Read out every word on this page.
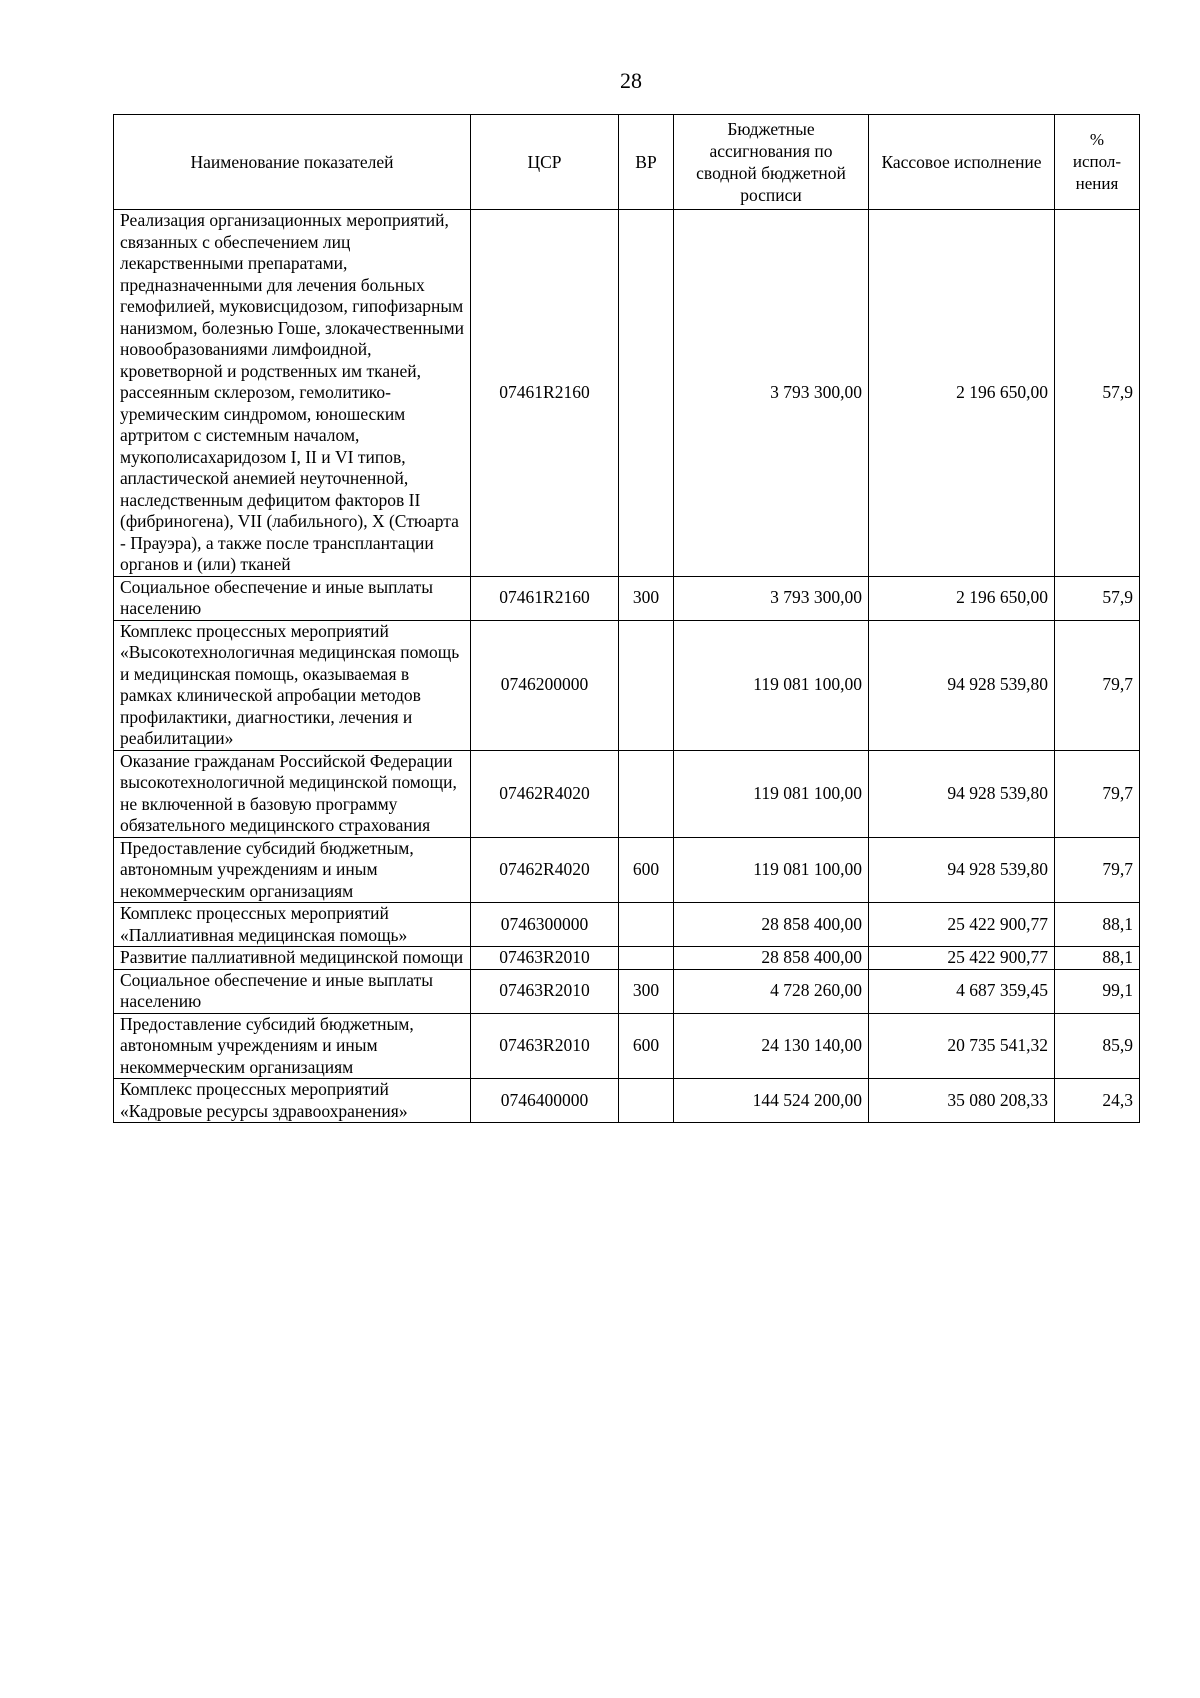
28
Наименование показателей	ЦСР	ВР	Бюджетные ассигнования по сводной бюджетной росписи	Кассовое исполнение	%
испол-
нения
Реализация организационных мероприятий, связанных с обеспечением лиц лекарственными препаратами, предназначенными для лечения больных гемофилией, муковисцидозом, гипофизарным нанизмом, болезнью Гоше, злокачественными новообразованиями лимфоидной, кроветворной и родственных им тканей, рассеянным склерозом, гемолитико-уремическим синдромом, юношеским артритом с системным началом, мукополисахаридозом I, II и VI типов, апластической анемией неуточненной, наследственным дефицитом факторов II (фибриногена), VII (лабильного), X (Стюарта - Прауэра), а также после трансплантации органов и (или) тканей	07461R2160		3 793 300,00	2 196 650,00	57,9
Социальное обеспечение и иные выплаты населению	07461R2160	300	3 793 300,00	2 196 650,00	57,9
Комплекс процессных мероприятий «Высокотехнологичная медицинская помощь и медицинская помощь, оказываемая в рамках клинической апробации методов профилактики, диагностики, лечения и реабилитации»	0746200000		119 081 100,00	94 928 539,80	79,7
Оказание гражданам Российской Федерации высокотехнологичной медицинской помощи, не включенной в базовую программу обязательного медицинского страхования	07462R4020		119 081 100,00	94 928 539,80	79,7
Предоставление субсидий бюджетным, автономным учреждениям и иным некоммерческим организациям	07462R4020	600	119 081 100,00	94 928 539,80	79,7
Комплекс процессных мероприятий «Паллиативная медицинская помощь»	0746300000		28 858 400,00	25 422 900,77	88,1
Развитие паллиативной медицинской помощи	07463R2010		28 858 400,00	25 422 900,77	88,1
Социальное обеспечение и иные выплаты населению	07463R2010	300	4 728 260,00	4 687 359,45	99,1
Предоставление субсидий бюджетным, автономным учреждениям и иным некоммерческим организациям	07463R2010	600	24 130 140,00	20 735 541,32	85,9
Комплекс процессных мероприятий «Кадровые ресурсы здравоохранения»	0746400000		144 524 200,00	35 080 208,33	24,3
